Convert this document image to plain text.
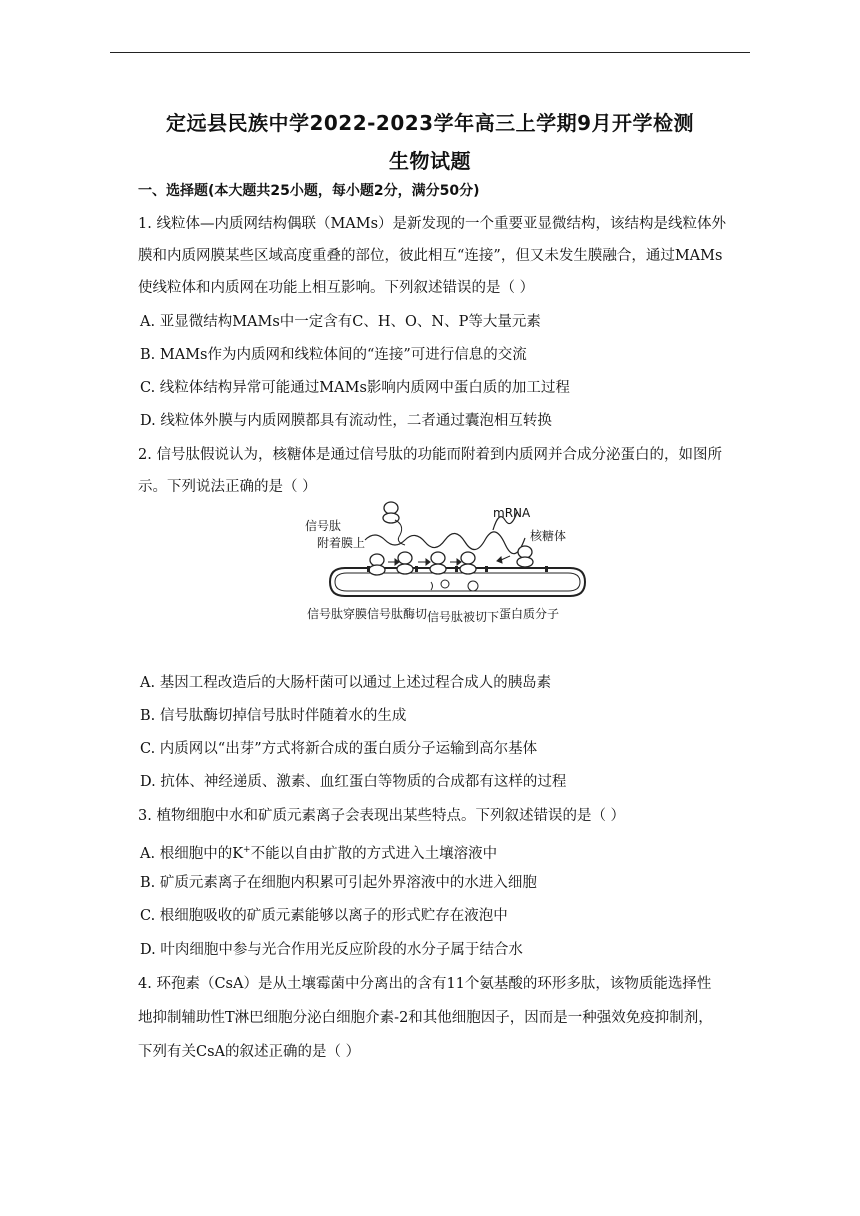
定远县民族中学2022-2023学年高三上学期9月开学检测
生物试题
一、选择题(本大题共25小题，每小题2分，满分50分)
1. 线粒体—内质网结构偶联（MAMs）是新发现的一个重要亚显微结构，该结构是线粒体外
膜和内质网膜某些区域高度重叠的部位，彼此相互“连接”，但又未发生膜融合，通过MAMs
使线粒体和内质网在功能上相互影响。下列叙述错误的是（ ）
A. 亚显微结构MAMs中一定含有C、H、O、N、P等大量元素
B. MAMs作为内质网和线粒体间的“连接”可进行信息的交流
C. 线粒体结构异常可能通过MAMs影响内质网中蛋白质的加工过程
D. 线粒体外膜与内质网膜都具有流动性，二者通过囊泡相互转换
2. 信号肽假说认为，核糖体是通过信号肽的功能而附着到内质网并合成分泌蛋白的，如图所
示。下列说法正确的是（ ）
信号肽
附着膜上
mRNA
核糖体
信号肽穿膜 信号肽酶切 信号肽被切下 蛋白质分子
A. 基因工程改造后的大肠杆菌可以通过上述过程合成人的胰岛素
B. 信号肽酶切掉信号肽时伴随着水的生成
C. 内质网以“出芽”方式将新合成的蛋白质分子运输到高尔基体
D. 抗体、神经递质、激素、血红蛋白等物质的合成都有这样的过程
3. 植物细胞中水和矿质元素离子会表现出某些特点。下列叙述错误的是（ ）
A. 根细胞中的K+不能以自由扩散的方式进入土壤溶液中
B. 矿质元素离子在细胞内积累可引起外界溶液中的水进入细胞
C. 根细胞吸收的矿质元素能够以离子的形式贮存在液泡中
D. 叶肉细胞中参与光合作用光反应阶段的水分子属于结合水
4. 环孢素（CsA）是从土壤霉菌中分离出的含有11个氨基酸的环形多肽，该物质能选择性
地抑制辅助性T淋巴细胞分泌白细胞介素-2和其他细胞因子，因而是一种强效免疫抑制剂，
下列有关CsA的叙述正确的是（ ）
